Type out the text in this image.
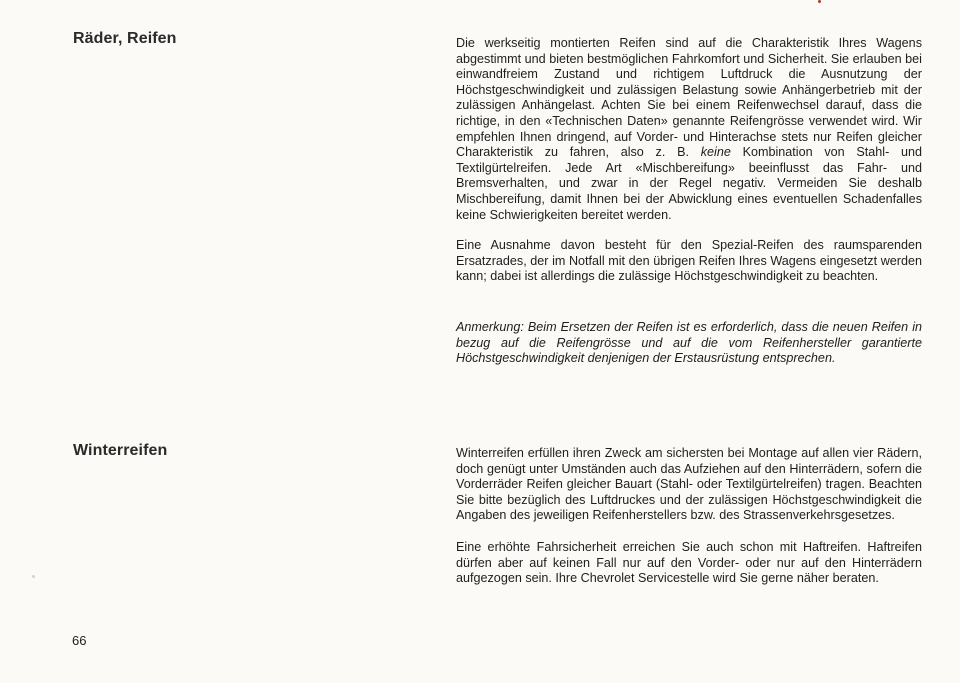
Räder, Reifen	Die werkseitig montierten Reifen sind auf die Charakteristik Ihres Wagens abgestimmt und bieten bestmöglichen Fahrkomfort und Sicherheit. Sie erlauben bei einwandfreiem Zustand und richtigem Luftdruck die Ausnutzung der Höchstgeschwindigkeit und zulässigen Belastung sowie Anhängerbetrieb mit der zulässigen Anhängelast. Achten Sie bei einem Reifenwechsel darauf, dass die richtige, in den «Technischen Daten» genannte Reifengrösse verwendet wird. Wir empfehlen Ihnen dringend, auf Vorder- und Hinterachse stets nur Reifen gleicher Charakteristik zu fahren, also z. B. keine Kombination von Stahl- und Textilgürtelreifen. Jede Art «Mischbereifung» beeinflusst das Fahr- und Bremsverhalten, und zwar in der Regel negativ. Vermeiden Sie deshalb Mischbereifung, damit Ihnen bei der Abwicklung eines eventuellen Schadenfalles keine Schwierigkeiten bereitet werden.

Eine Ausnahme davon besteht für den Spezial-Reifen des raumsparenden Ersatzrades, der im Notfall mit den übrigen Reifen Ihres Wagens eingesetzt werden kann; dabei ist allerdings die zulässige Höchstgeschwindigkeit zu beachten.

Anmerkung: Beim Ersetzen der Reifen ist es erforderlich, dass die neuen Reifen in bezug auf die Reifengrösse und auf die vom Reifenhersteller garantierte Höchstgeschwindigkeit denjenigen der Erstausrüstung entsprechen.

Winterreifen	Winterreifen erfüllen ihren Zweck am sichersten bei Montage auf allen vier Rädern, doch genügt unter Umständen auch das Aufziehen auf den Hinterrädern, sofern die Vorderräder Reifen gleicher Bauart (Stahl- oder Textilgürtelreifen) tragen. Beachten Sie bitte bezüglich des Luftdruckes und der zulässigen Höchstgeschwindigkeit die Angaben des jeweiligen Reifenherstellers bzw. des Strassenverkehrsgesetzes.

Eine erhöhte Fahrsicherheit erreichen Sie auch schon mit Haftreifen. Haftreifen dürfen aber auf keinen Fall nur auf den Vorder- oder nur auf den Hinterrädern aufgezogen sein. Ihre Chevrolet Servicestelle wird Sie gerne näher beraten.

66
